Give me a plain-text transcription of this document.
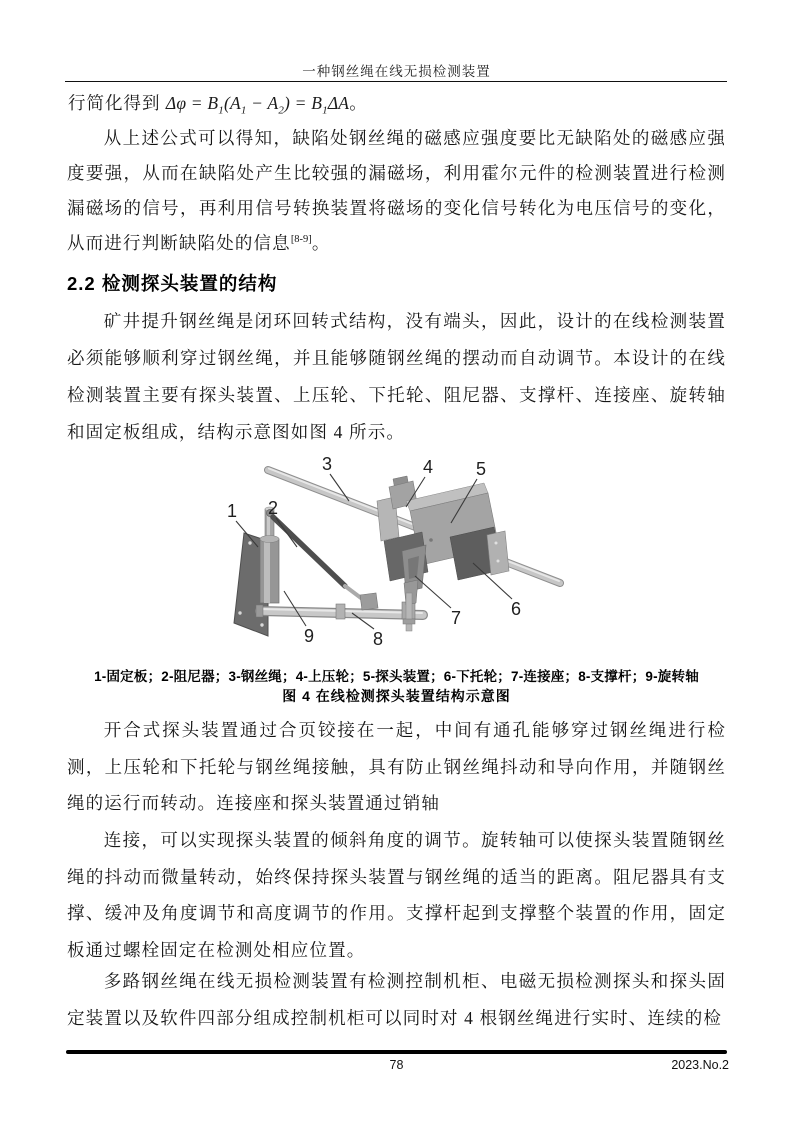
一种钢丝绳在线无损检测装置
行简化得到 $\Delta\varphi = B_1(A_1 - A_2) = B_1\Delta A$。
从上述公式可以得知，缺陷处钢丝绳的磁感应强度要比无缺陷处的磁感应强度要强，从而在缺陷处产生比较强的漏磁场，利用霍尔元件的检测装置进行检测漏磁场的信号，再利用信号转换装置将磁场的变化信号转化为电压信号的变化，从而进行判断缺陷处的信息[8-9]。
2.2 检测探头装置的结构
矿井提升钢丝绳是闭环回转式结构，没有端头，因此，设计的在线检测装置必须能够顺利穿过钢丝绳，并且能够随钢丝绳的摆动而自动调节。本设计的在线检测装置主要有探头装置、上压轮、下托轮、阻尼器、支撑杆、连接座、旋转轴和固定板组成，结构示意图如图 4 所示。
1 2
3	4 5
6
7
8
9
1-固定板；2-阻尼器；3-钢丝绳；4-上压轮；5-探头装置；6-下托轮；7-连接座；8-支撑杆；9-旋转轴
图 4 在线检测探头装置结构示意图
开合式探头装置通过合页铰接在一起，中间有通孔能够穿过钢丝绳进行检测，上压轮和下托轮与钢丝绳接触，具有防止钢丝绳抖动和导向作用，并随钢丝绳的运行而转动。连接座和探头装置通过销轴
连接，可以实现探头装置的倾斜角度的调节。旋转轴可以使探头装置随钢丝绳的抖动而微量转动，始终保持探头装置与钢丝绳的适当的距离。阻尼器具有支撑、缓冲及角度调节和高度调节的作用。支撑杆起到支撑整个装置的作用，固定板通过螺栓固定在检测处相应位置。
多路钢丝绳在线无损检测装置有检测控制机柜、电磁无损检测探头和探头固定装置以及软件四部分组成控制机柜可以同时对 4 根钢丝绳进行实时、连续的检
78	2023.No.2
